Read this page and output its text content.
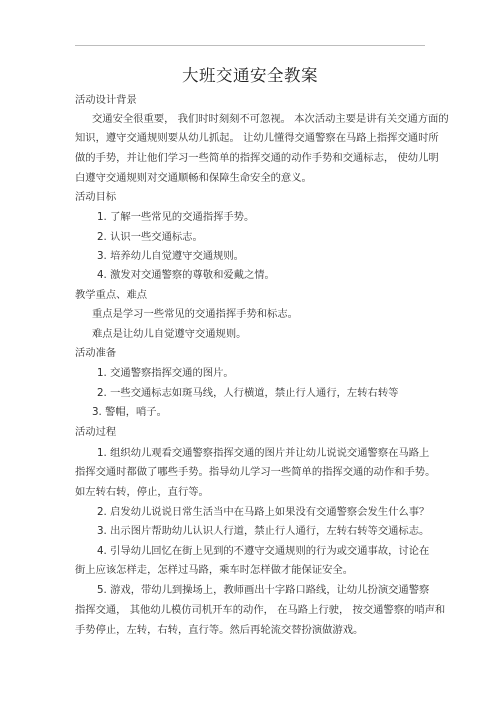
大班交通安全教案
活动设计背景
交通安全很重要， 我们时时刻刻不可忽视。 本次活动主要是讲有关交通方面的
知识，遵守交通规则要从幼儿抓起。 让幼儿懂得交通警察在马路上指挥交通时所
做的手势，并让他们学习一些简单的指挥交通的动作手势和交通标志， 使幼儿明
白遵守交通规则对交通顺畅和保障生命安全的意义。
活动目标
1. 了解一些常见的交通指挥手势。
2. 认识一些交通标志。
3. 培养幼儿自觉遵守交通规则。
4. 激发对交通警察的尊敬和爱戴之情。
教学重点、难点
重点是学习一些常见的交通指挥手势和标志。
难点是让幼儿自觉遵守交通规则。
活动准备
1. 交通警察指挥交通的图片。
2. 一些交通标志如斑马线，人行横道，禁止行人通行，左转右转等
3. 警帽，哨子。
活动过程
1. 组织幼儿观看交通警察指挥交通的图片并让幼儿说说交通警察在马路上
指挥交通时都做了哪些手势。指导幼儿学习一些简单的指挥交通的动作和手势。
如左转右转，停止，直行等。
2. 启发幼儿说说日常生活当中在马路上如果没有交通警察会发生什么事？
3. 出示图片帮助幼儿认识人行道，禁止行人通行，左转右转等交通标志。
4. 引导幼儿回忆在街上见到的不遵守交通规则的行为或交通事故，讨论在
街上应该怎样走，怎样过马路，乘车时怎样做才能保证安全。
5. 游戏，带幼儿到操场上，教师画出十字路口路线，让幼儿扮演交通警察
指挥交通， 其他幼儿模仿司机开车的动作， 在马路上行驶， 按交通警察的哨声和
手势停止，左转，右转，直行等。然后再轮流交替扮演做游戏。
